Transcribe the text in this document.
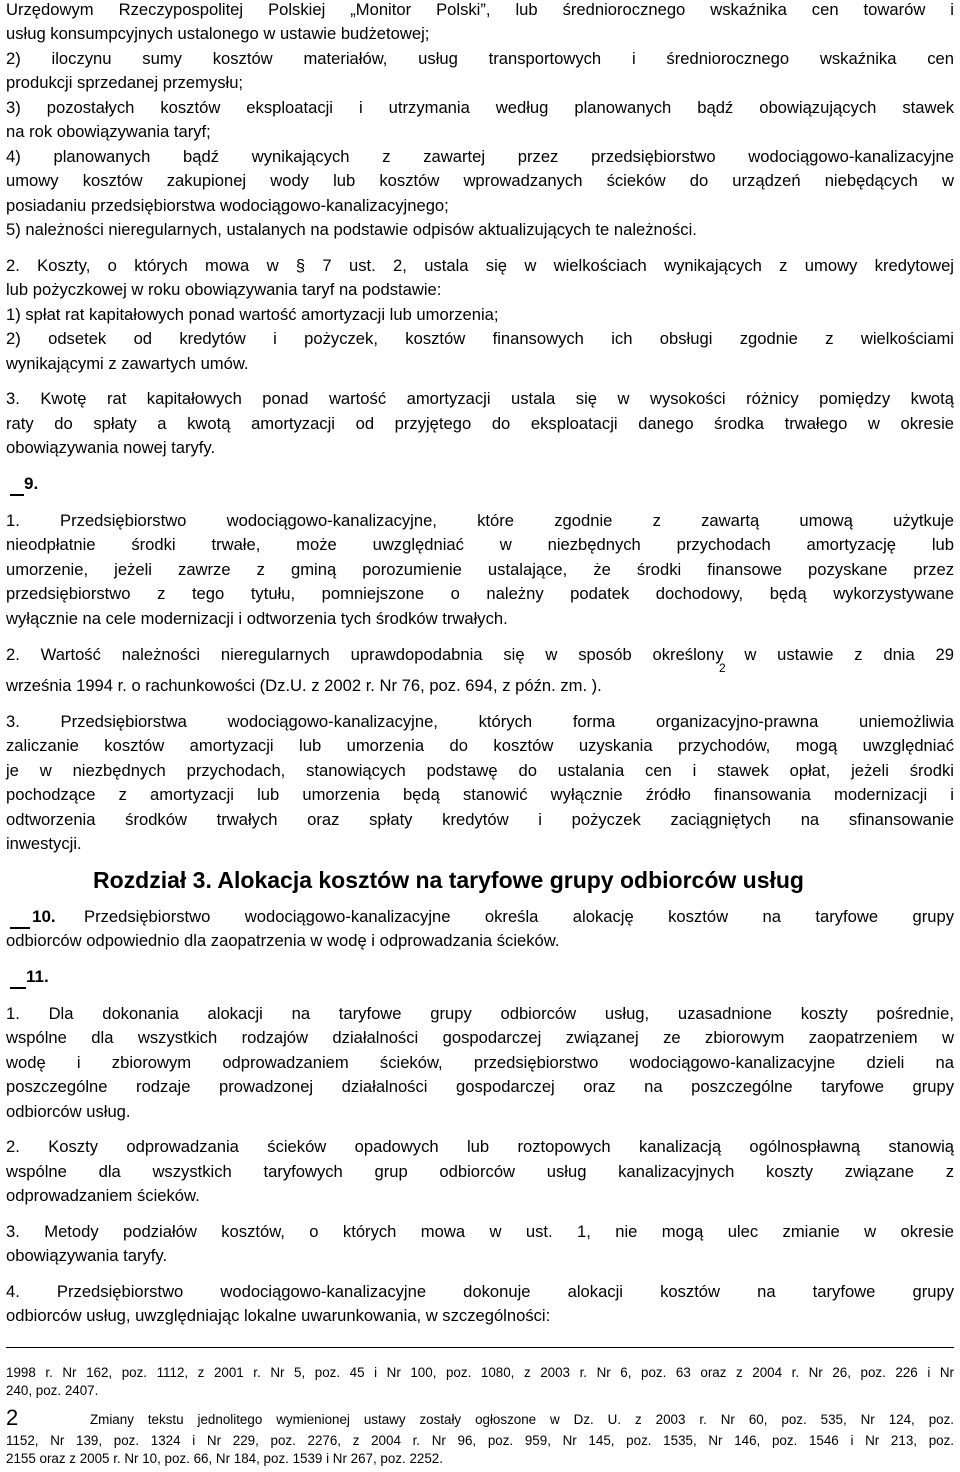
Urzędowym Rzeczypospolitej Polskiej „Monitor Polski”, lub średniorocznego wskaźnika cen towarów i
usług konsumpcyjnych ustalonego w ustawie budżetowej;
2) iloczynu sumy kosztów materiałów, usług transportowych i średniorocznego wskaźnika cen
produkcji sprzedanej przemysłu;
3) pozostałych kosztów eksploatacji i utrzymania według planowanych bądź obowiązujących stawek
na rok obowiązywania taryf;
4) planowanych bądź wynikających z zawartej przez przedsiębiorstwo wodociągowo-kanalizacyjne
umowy kosztów zakupionej wody lub kosztów wprowadzanych ścieków do urządzeń niebędących w
posiadaniu przedsiębiorstwa wodociągowo-kanalizacyjnego;
5) należności nieregularnych, ustalanych na podstawie odpisów aktualizujących te należności.
2. Koszty, o których mowa w § 7 ust. 2, ustala się w wielkościach wynikających z umowy kredytowej
lub pożyczkowej w roku obowiązywania taryf na podstawie:
1) spłat rat kapitałowych ponad wartość amortyzacji lub umorzenia;
2) odsetek od kredytów i pożyczek, kosztów finansowych ich obsługi zgodnie z wielkościami
wynikającymi z zawartych umów.
3. Kwotę rat kapitałowych ponad wartość amortyzacji ustala się w wysokości różnicy pomiędzy kwotą
raty do spłaty a kwotą amortyzacji od przyjętego do eksploatacji danego środka trwałego w okresie
obowiązywania nowej taryfy.
9.
1. Przedsiębiorstwo wodociągowo-kanalizacyjne, które zgodnie z zawartą umową użytkuje
nieodpłatnie środki trwałe, może uwzględniać w niezbędnych przychodach amortyzację lub
umorzenie, jeżeli zawrze z gminą porozumienie ustalające, że środki finansowe pozyskane przez
przedsiębiorstwo z tego tytułu, pomniejszone o należny podatek dochodowy, będą wykorzystywane
wyłącznie na cele modernizacji i odtworzenia tych środków trwałych.
2. Wartość należności nieregularnych uprawdopodabnia się w sposób określony w ustawie z dnia 29
2
września 1994 r. o rachunkowości (Dz.U. z 2002 r. Nr 76, poz. 694, z późn. zm. ).
3. Przedsiębiorstwa wodociągowo-kanalizacyjne, których forma organizacyjno-prawna uniemożliwia
zaliczanie kosztów amortyzacji lub umorzenia do kosztów uzyskania przychodów, mogą uwzględniać
je w niezbędnych przychodach, stanowiących podstawę do ustalania cen i stawek opłat, jeżeli środki
pochodzące z amortyzacji lub umorzenia będą stanowić wyłącznie źródło finansowania modernizacji i
odtworzenia środków trwałych oraz spłaty kredytów i pożyczek zaciągniętych na sfinansowanie
inwestycji.
Rozdział 3. Alokacja kosztów na taryfowe grupy odbiorców usług
10. Przedsiębiorstwo wodociągowo-kanalizacyjne określa alokację kosztów na taryfowe grupy
odbiorców odpowiednio dla zaopatrzenia w wodę i odprowadzania ścieków.
11.
1. Dla dokonania alokacji na taryfowe grupy odbiorców usług, uzasadnione koszty pośrednie,
wspólne dla wszystkich rodzajów działalności gospodarczej związanej ze zbiorowym zaopatrzeniem w
wodę i zbiorowym odprowadzaniem ścieków, przedsiębiorstwo wodociągowo-kanalizacyjne dzieli na
poszczególne rodzaje prowadzonej działalności gospodarczej oraz na poszczególne taryfowe grupy
odbiorców usług.
2. Koszty odprowadzania ścieków opadowych lub roztopowych kanalizacją ogólnospławną stanowią
wspólne dla wszystkich taryfowych grup odbiorców usług kanalizacyjnych koszty związane z
odprowadzaniem ścieków.
3. Metody podziałów kosztów, o których mowa w ust. 1, nie mogą ulec zmianie w okresie
obowiązywania taryfy.
4. Przedsiębiorstwo wodociągowo-kanalizacyjne dokonuje alokacji kosztów na taryfowe grupy
odbiorców usług, uwzględniając lokalne uwarunkowania, w szczególności:
1998 r. Nr 162, poz. 1112, z 2001 r. Nr 5, poz. 45 i Nr 100, poz. 1080, z 2003 r. Nr 6, poz. 63 oraz z 2004 r. Nr 26, poz. 226 i Nr
240, poz. 2407.
2	Zmiany tekstu jednolitego wymienionej ustawy zostały ogłoszone w Dz. U. z 2003 r. Nr 60, poz. 535, Nr 124, poz.
1152, Nr 139, poz. 1324 i Nr 229, poz. 2276, z 2004 r. Nr 96, poz. 959, Nr 145, poz. 1535, Nr 146, poz. 1546 i Nr 213, poz.
2155 oraz z 2005 r. Nr 10, poz. 66, Nr 184, poz. 1539 i Nr 267, poz. 2252.
